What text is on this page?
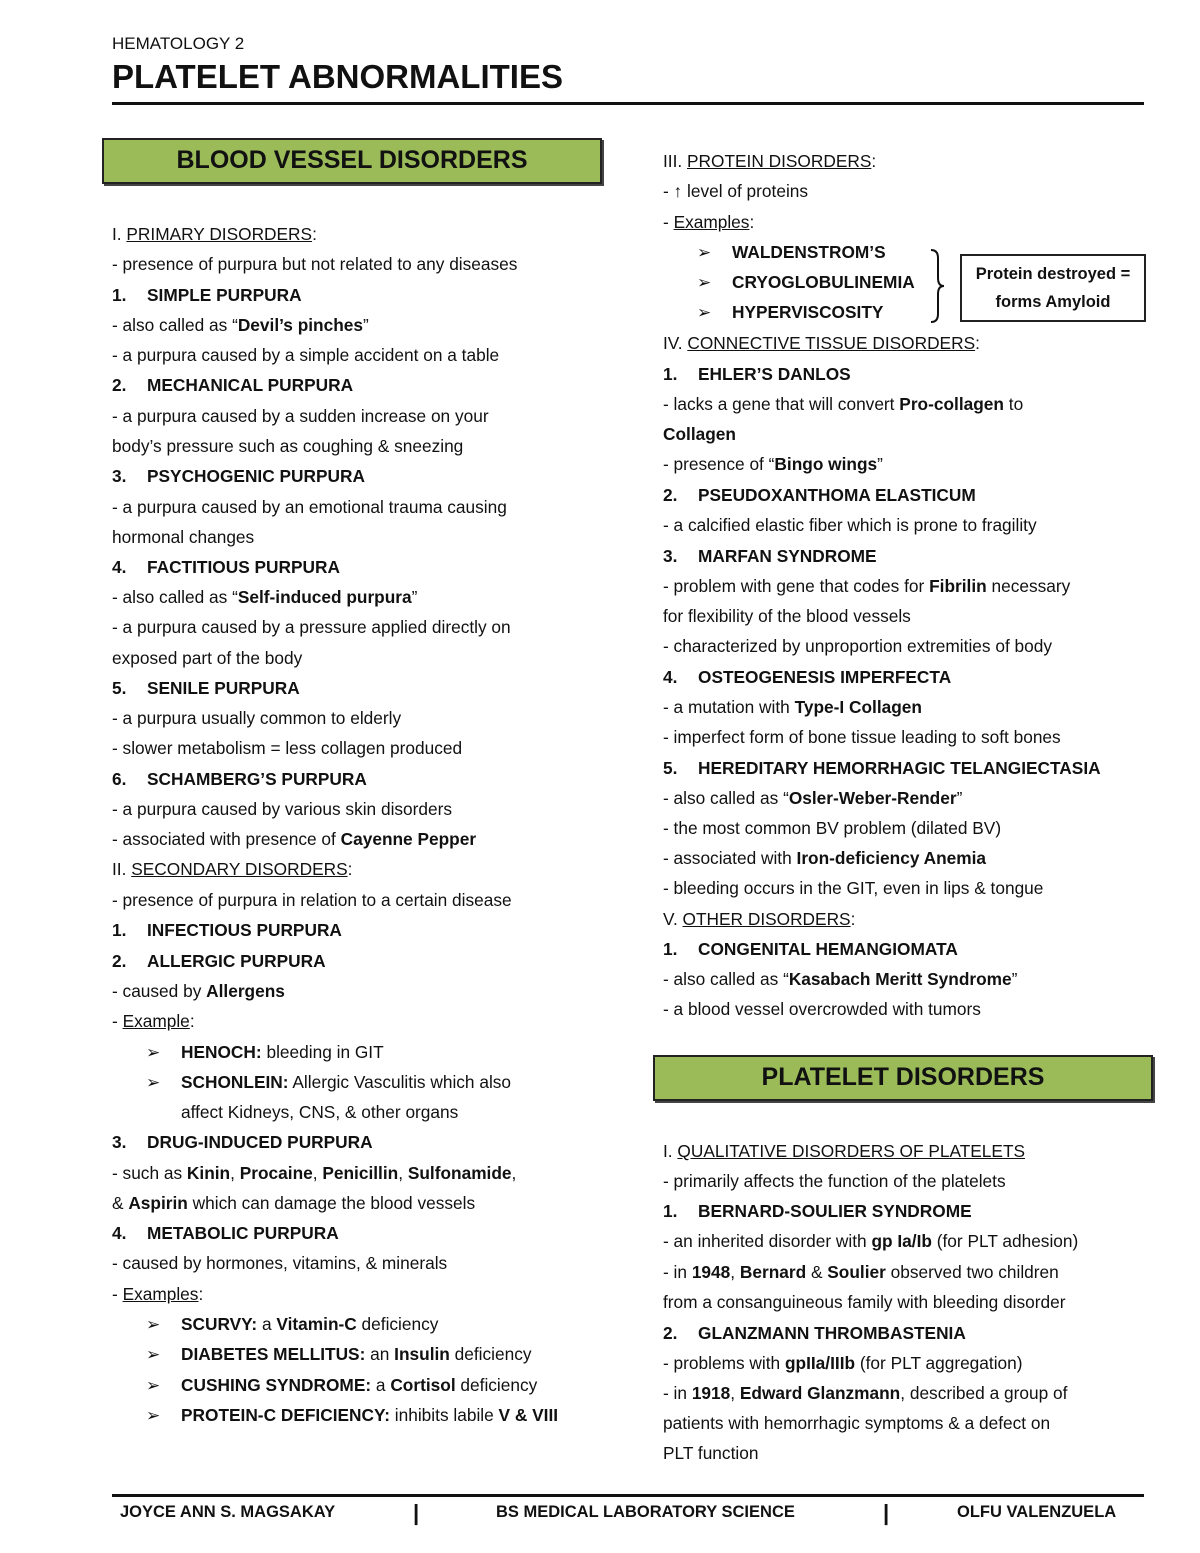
HEMATOLOGY 2
PLATELET ABNORMALITIES
BLOOD VESSEL DISORDERS
I. PRIMARY DISORDERS:
- presence of purpura but not related to any diseases
1. SIMPLE PURPURA
- also called as “Devil’s pinches”
- a purpura caused by a simple accident on a table
2. MECHANICAL PURPURA
- a purpura caused by a sudden increase on your
body’s pressure such as coughing & sneezing
3. PSYCHOGENIC PURPURA
- a purpura caused by an emotional trauma causing
hormonal changes
4. FACTITIOUS PURPURA
- also called as “Self-induced purpura”
- a purpura caused by a pressure applied directly on
exposed part of the body
5. SENILE PURPURA
- a purpura usually common to elderly
- slower metabolism = less collagen produced
6. SCHAMBERG’S PURPURA
- a purpura caused by various skin disorders
- associated with presence of Cayenne Pepper
II. SECONDARY DISORDERS:
- presence of purpura in relation to a certain disease
1. INFECTIOUS PURPURA
2. ALLERGIC PURPURA
- caused by Allergens
- Example:
➢ HENOCH: bleeding in GIT
➢ SCHONLEIN: Allergic Vasculitis which also
affect Kidneys, CNS, & other organs
3. DRUG-INDUCED PURPURA
- such as Kinin, Procaine, Penicillin, Sulfonamide,
& Aspirin which can damage the blood vessels
4. METABOLIC PURPURA
- caused by hormones, vitamins, & minerals
- Examples:
➢ SCURVY: a Vitamin-C deficiency
➢ DIABETES MELLITUS: an Insulin deficiency
➢ CUSHING SYNDROME: a Cortisol deficiency
➢ PROTEIN-C DEFICIENCY: inhibits labile V & VIII
III. PROTEIN DISORDERS:
- ↑ level of proteins
- Examples:
➢ WALDENSTROM’S
➢ CRYOGLOBULINEMIA
➢ HYPERVISCOSITY
Protein destroyed =
forms Amyloid
IV. CONNECTIVE TISSUE DISORDERS:
1. EHLER’S DANLOS
- lacks a gene that will convert Pro-collagen to
Collagen
- presence of “Bingo wings”
2. PSEUDOXANTHOMA ELASTICUM
- a calcified elastic fiber which is prone to fragility
3. MARFAN SYNDROME
- problem with gene that codes for Fibrilin necessary
for flexibility of the blood vessels
- characterized by unproportion extremities of body
4. OSTEOGENESIS IMPERFECTA
- a mutation with Type-I Collagen
- imperfect form of bone tissue leading to soft bones
5. HEREDITARY HEMORRHAGIC TELANGIECTASIA
- also called as “Osler-Weber-Render”
- the most common BV problem (dilated BV)
- associated with Iron-deficiency Anemia
- bleeding occurs in the GIT, even in lips & tongue
V. OTHER DISORDERS:
1. CONGENITAL HEMANGIOMATA
- also called as “Kasabach Meritt Syndrome”
- a blood vessel overcrowded with tumors
PLATELET DISORDERS
I. QUALITATIVE DISORDERS OF PLATELETS
- primarily affects the function of the platelets
1. BERNARD-SOULIER SYNDROME
- an inherited disorder with gp Ia/Ib (for PLT adhesion)
- in 1948, Bernard & Soulier observed two children
from a consanguineous family with bleeding disorder
2. GLANZMANN THROMBASTENIA
- problems with gpIIa/IIIb (for PLT aggregation)
- in 1918, Edward Glanzmann, described a group of
patients with hemorrhagic symptoms & a defect on
PLT function
JOYCE ANN S. MAGSAKAY	|	BS MEDICAL LABORATORY SCIENCE	|	OLFU VALENZUELA
